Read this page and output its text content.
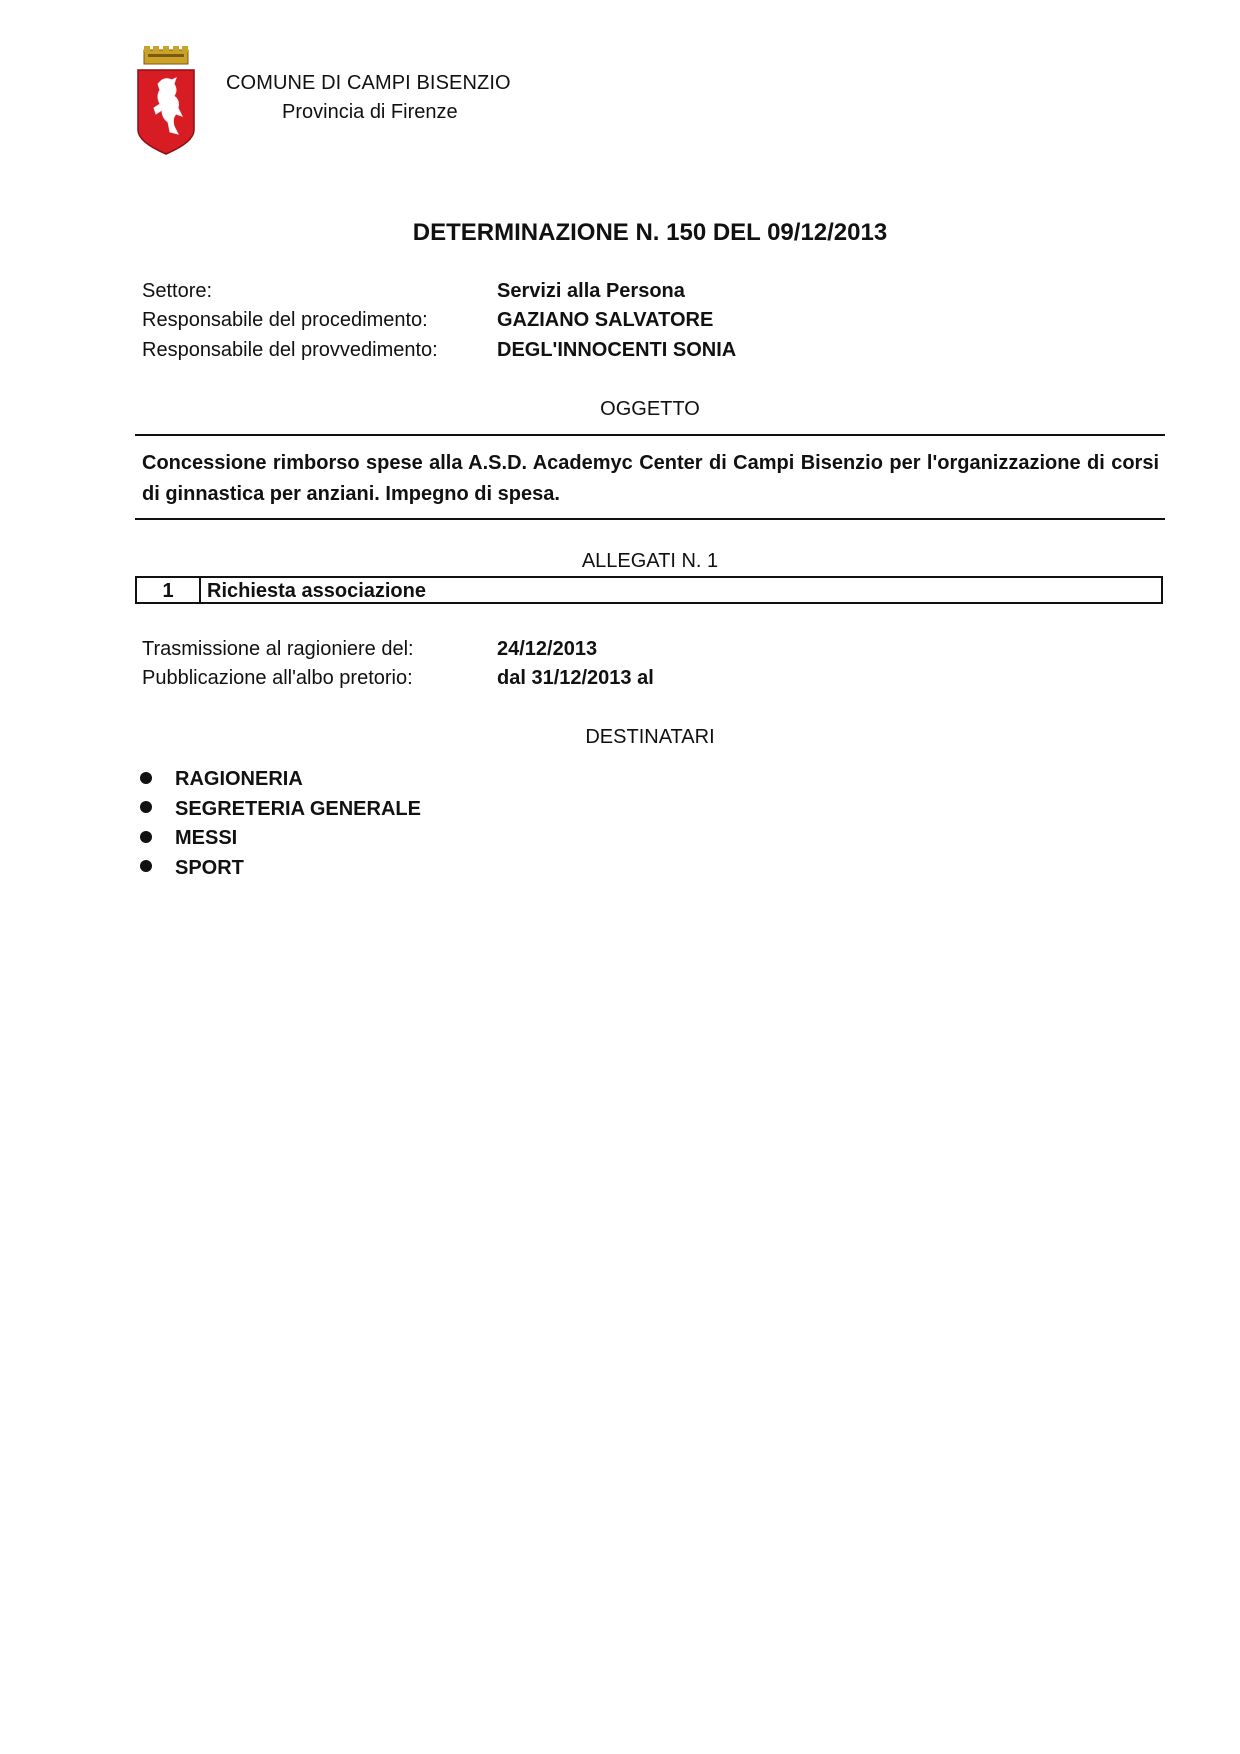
COMUNE DI CAMPI BISENZIO
Provincia di Firenze
DETERMINAZIONE N. 150 DEL 09/12/2013
Settore:	Servizi alla Persona
Responsabile del procedimento:	GAZIANO SALVATORE
Responsabile del provvedimento:	DEGL'INNOCENTI SONIA
OGGETTO
Concessione rimborso spese alla A.S.D. Academyc Center di Campi Bisenzio per l'organizzazione di corsi di ginnastica per anziani. Impegno di spesa.
ALLEGATI N. 1
1	Richiesta associazione
Trasmissione al ragioniere del:	24/12/2013
Pubblicazione all'albo pretorio:	dal 31/12/2013 al
DESTINATARI
RAGIONERIA
SEGRETERIA GENERALE
MESSI
SPORT
